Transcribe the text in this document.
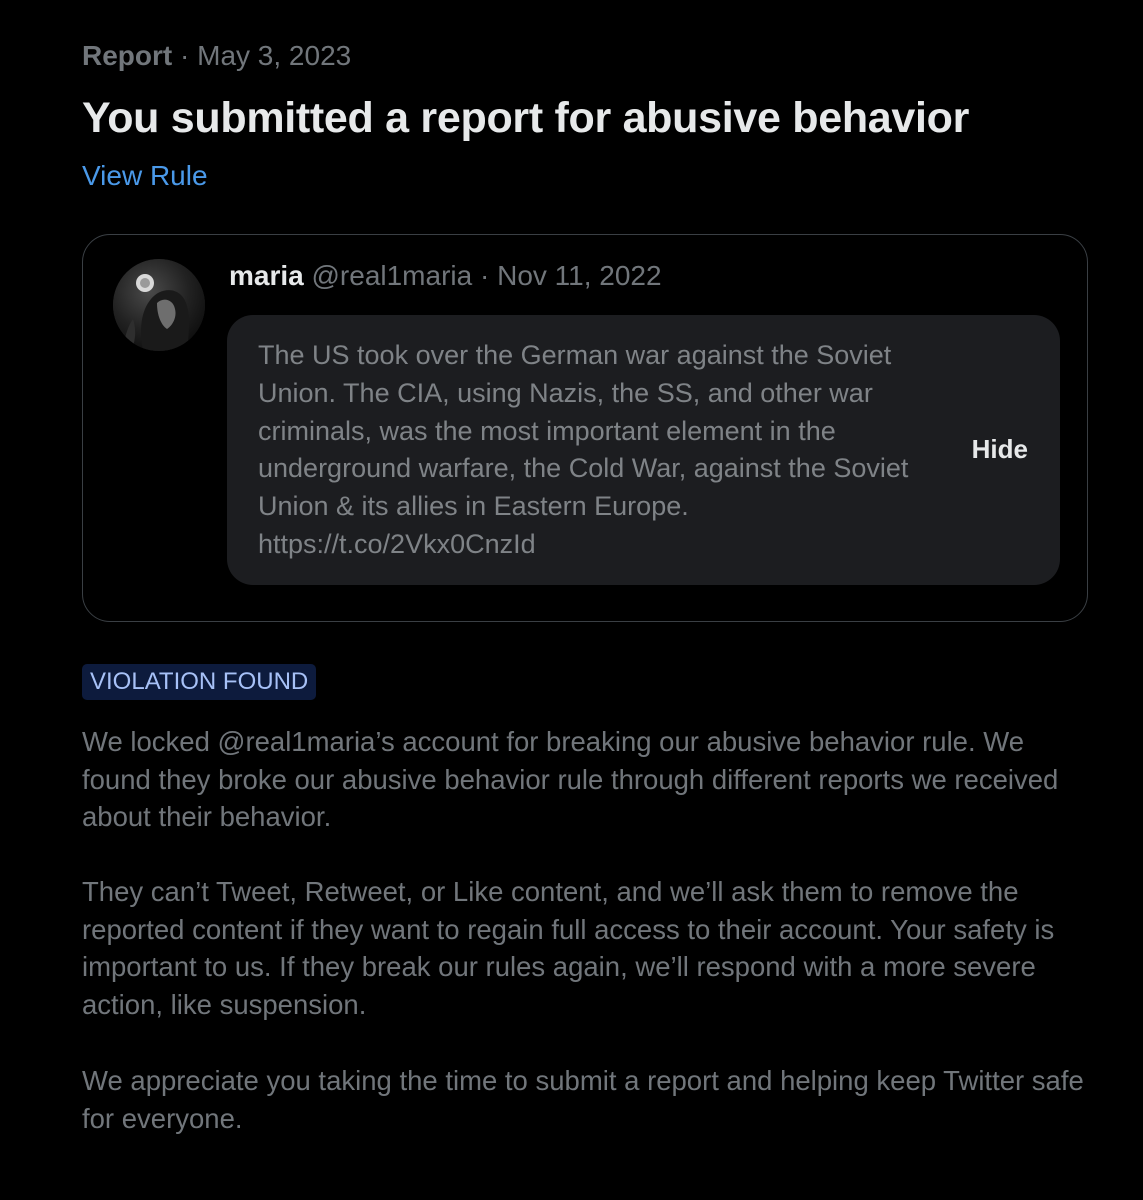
Report · May 3, 2023
You submitted a report for abusive behavior
View Rule
maria @real1maria · Nov 11, 2022
The US took over the German war against the Soviet Union. The CIA, using Nazis, the SS, and other war criminals, was the most important element in the underground warfare, the Cold War, against the Soviet Union & its allies in Eastern Europe. https://t.co/2Vkx0CnzId
Hide
VIOLATION FOUND
We locked @real1maria’s account for breaking our abusive behavior rule. We found they broke our abusive behavior rule through different reports we received about their behavior.
They can’t Tweet, Retweet, or Like content, and we’ll ask them to remove the reported content if they want to regain full access to their account. Your safety is important to us. If they break our rules again, we’ll respond with a more severe action, like suspension.
We appreciate you taking the time to submit a report and helping keep Twitter safe for everyone.
